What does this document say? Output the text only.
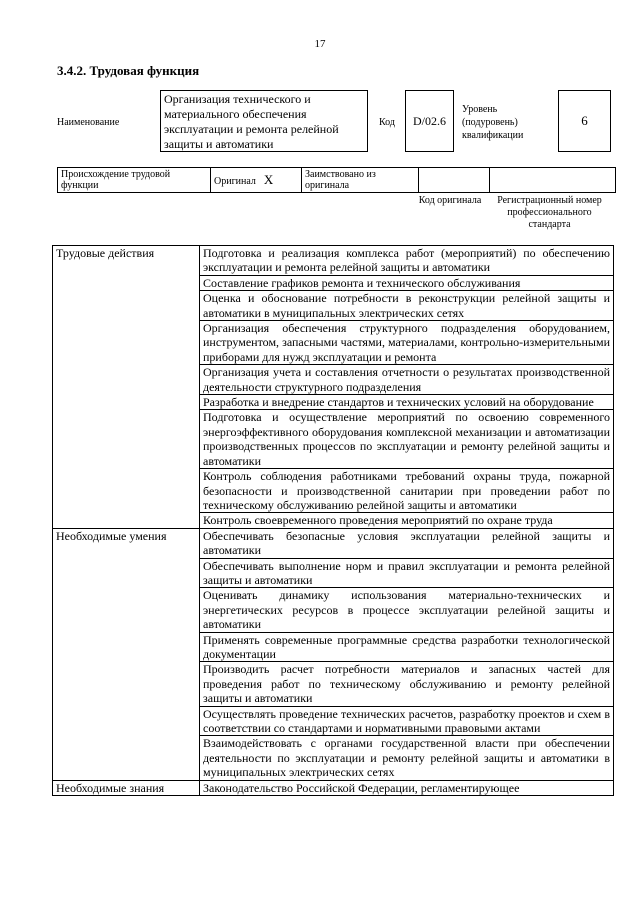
17
3.4.2. Трудовая функция
Наименование
Организация технического и материального обеспечения эксплуатации и ремонта релейной защиты и автоматики
Код	D/02.6
Уровень (подуровень) квалификации
6
Происхождение трудовой функции	Оригинал X	Заимствовано из оригинала		
Код оригинала	Регистрационный номер профессионального стандарта
Трудовые действия	Подготовка и реализация комплекса работ (мероприятий) по обеспечению эксплуатации и ремонта релейной защиты и автоматики
	Составление графиков ремонта и технического обслуживания
	Оценка и обоснование потребности в реконструкции релейной защиты и автоматики в муниципальных электрических сетях
	Организация обеспечения структурного подразделения оборудованием, инструментом, запасными частями, материалами, контрольно-измерительными приборами для нужд эксплуатации и ремонта
	Организация учета и составления отчетности о результатах производственной деятельности структурного подразделения
	Разработка и внедрение стандартов и технических условий на оборудование
	Подготовка и осуществление мероприятий по освоению современного энергоэффективного оборудования комплексной механизации и автоматизации производственных процессов по эксплуатации и ремонту релейной защиты и автоматики
	Контроль соблюдения работниками требований охраны труда, пожарной безопасности и производственной санитарии при проведении работ по техническому обслуживанию релейной защиты и автоматики
	Контроль своевременного проведения мероприятий по охране труда
Необходимые умения	Обеспечивать безопасные условия эксплуатации релейной защиты и автоматики
	Обеспечивать выполнение норм и правил эксплуатации и ремонта релейной защиты и автоматики
	Оценивать динамику использования материально-технических и энергетических ресурсов в процессе эксплуатации релейной защиты и автоматики
	Применять современные программные средства разработки технологической документации
	Производить расчет потребности материалов и запасных частей для проведения работ по техническому обслуживанию и ремонту релейной защиты и автоматики
	Осуществлять проведение технических расчетов, разработку проектов и схем в соответствии со стандартами и нормативными правовыми актами
	Взаимодействовать с органами государственной власти при обеспечении деятельности по эксплуатации и ремонту релейной защиты и автоматики в муниципальных электрических сетях
Необходимые знания	Законодательство Российской Федерации, регламентирующее
